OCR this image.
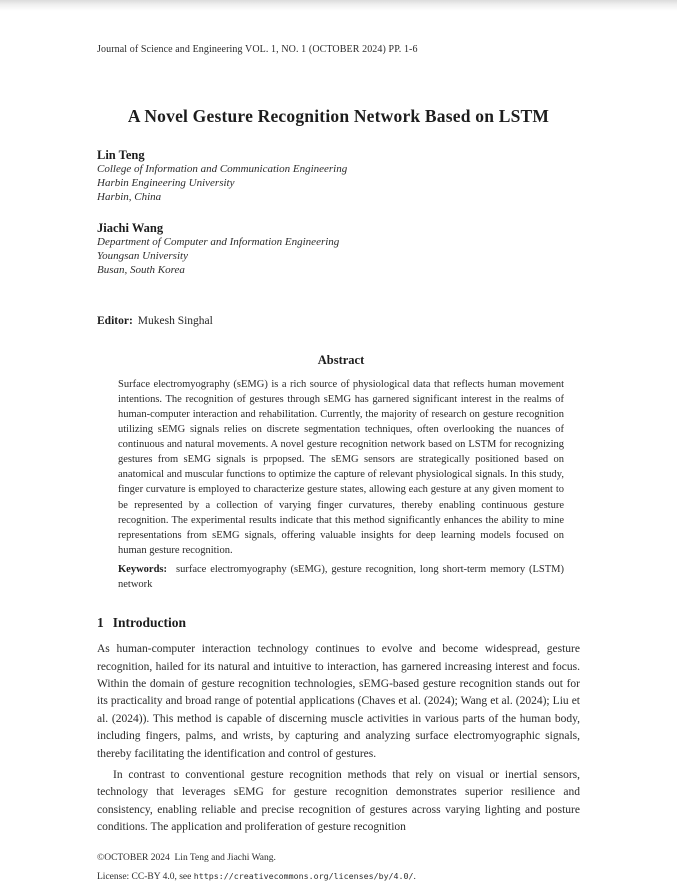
Journal of Science and Engineering VOL. 1, NO. 1 (OCTOBER 2024) PP. 1-6
A Novel Gesture Recognition Network Based on LSTM
Lin Teng
College of Information and Communication Engineering
Harbin Engineering University
Harbin, China
Jiachi Wang
Department of Computer and Information Engineering
Youngsan University
Busan, South Korea
Editor: Mukesh Singhal
Abstract

Surface electromyography (sEMG) is a rich source of physiological data that reflects human movement intentions. The recognition of gestures through sEMG has garnered significant interest in the realms of human-computer interaction and rehabilitation. Currently, the majority of research on gesture recognition utilizing sEMG signals relies on discrete segmentation techniques, often overlooking the nuances of continuous and natural movements. A novel gesture recognition network based on LSTM for recognizing gestures from sEMG signals is prpopsed. The sEMG sensors are strategically positioned based on anatomical and muscular functions to optimize the capture of relevant physiological signals. In this study, finger curvature is employed to characterize gesture states, allowing each gesture at any given moment to be represented by a collection of varying finger curvatures, thereby enabling continuous gesture recognition. The experimental results indicate that this method significantly enhances the ability to mine representations from sEMG signals, offering valuable insights for deep learning models focused on human gesture recognition.

Keywords: surface electromyography (sEMG), gesture recognition, long short-term memory (LSTM) network

1 Introduction

As human-computer interaction technology continues to evolve and become widespread, gesture recognition, hailed for its natural and intuitive to interaction, has garnered increasing interest and focus. Within the domain of gesture recognition technologies, sEMG-based gesture recognition stands out for its practicality and broad range of potential applications (Chaves et al. (2024); Wang et al. (2024); Liu et al. (2024)). This method is capable of discerning muscle activities in various parts of the human body, including fingers, palms, and wrists, by capturing and analyzing surface electromyographic signals, thereby facilitating the identification and control of gestures.

In contrast to conventional gesture recognition methods that rely on visual or inertial sensors, technology that leverages sEMG for gesture recognition demonstrates superior resilience and consistency, enabling reliable and precise recognition of gestures across varying lighting and posture conditions. The application and proliferation of gesture recognition

©OCTOBER 2024  Lin Teng and Jiachi Wang.
License: CC-BY 4.0, see https://creativecommons.org/licenses/by/4.0/.
